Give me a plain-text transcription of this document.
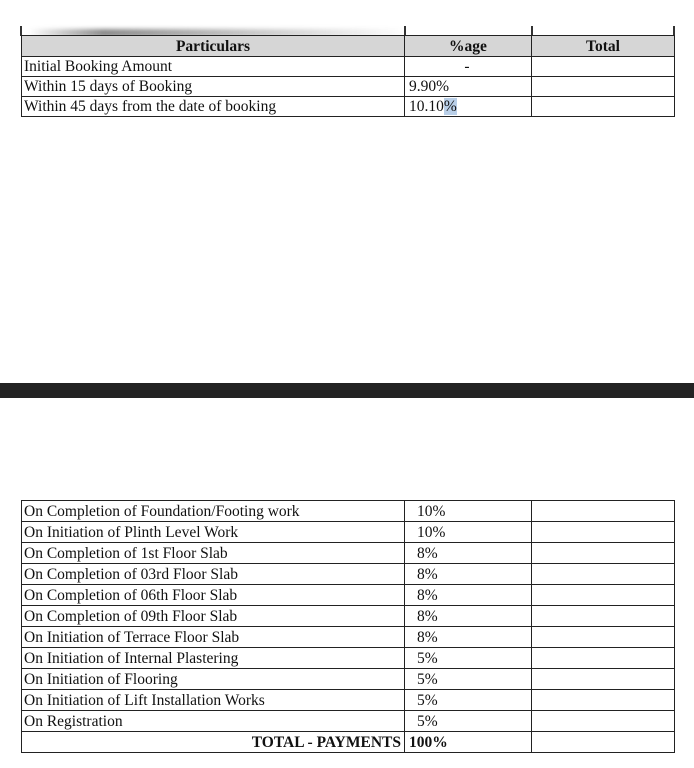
Particulars	%age	Total
Initial Booking Amount	-	
Within 15 days of Booking	9.90%	
Within 45 days from the date of booking	10.10%	
On Completion of Foundation/Footing work	10%	
On Initiation of Plinth Level Work	10%	
On Completion of 1st Floor Slab	8%	
On Completion of 03rd Floor Slab	8%	
On Completion of 06th Floor Slab	8%	
On Completion of 09th Floor Slab	8%	
On Initiation of Terrace Floor Slab	8%	
On Initiation of Internal Plastering	5%	
On Initiation of Flooring	5%	
On Initiation of Lift Installation Works	5%	
On Registration	5%	
TOTAL - PAYMENTS	100%	
